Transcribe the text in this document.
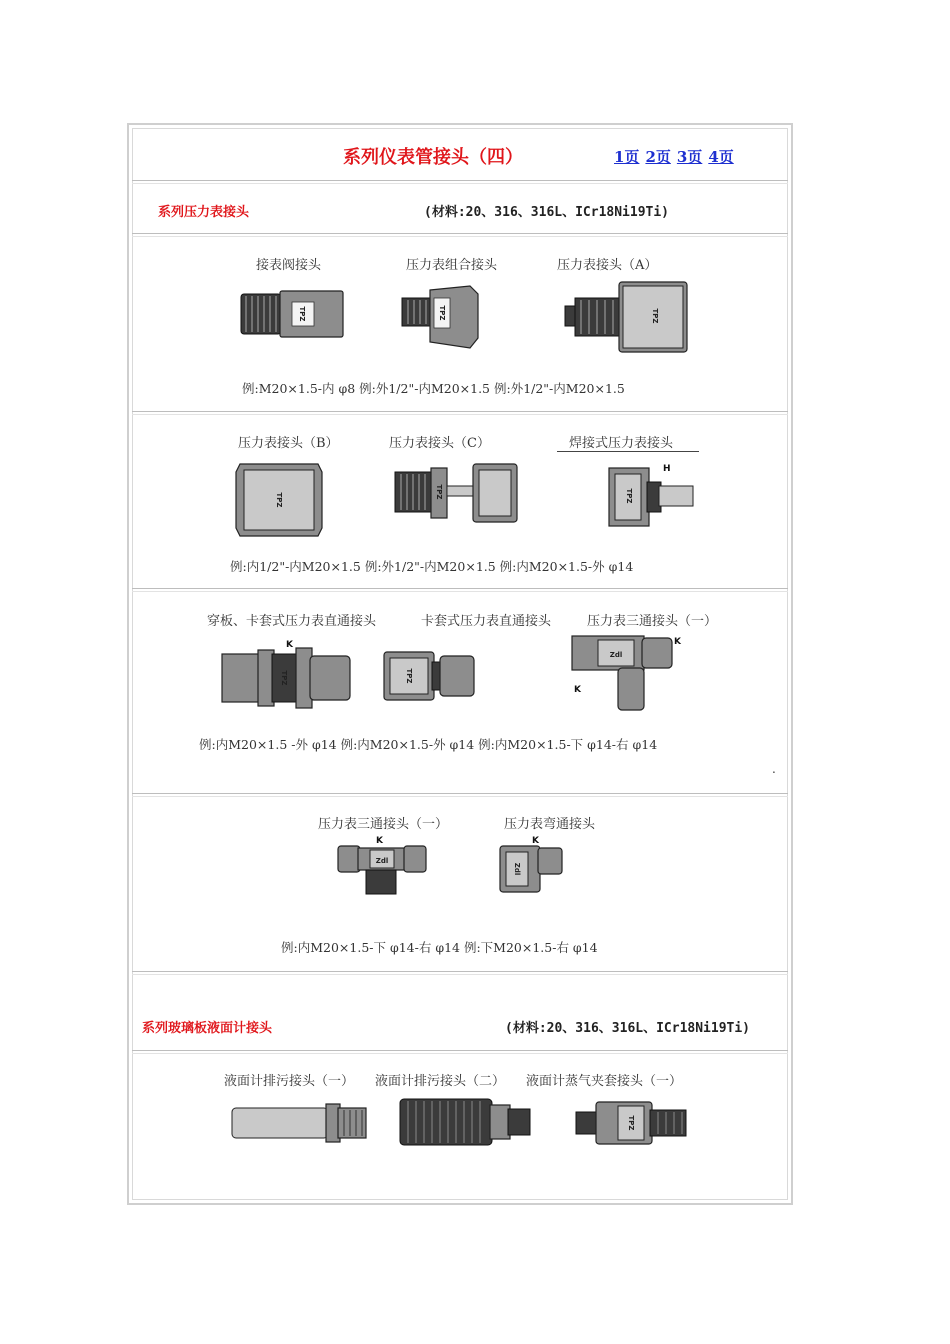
系列仪表管接头（四）	1页 2页 3页 4页
系列压力表接头	(材料:20、316、316L、ICr18Ni19Ti)
接表阀接头	压力表组合接头	压力表接头（A）
TPZ	TPZ	TPZ
例:M20×1.5-内 φ8 例:外1/2"-内M20×1.5 例:外1/2"-内M20×1.5
压力表接头（B）	压力表接头（C）	焊接式压力表接头
TPZ
TPZ
H
TPZ
例:内1/2"-内M20×1.5 例:外1/2"-内M20×1.5 例:内M20×1.5-外 φ14
穿板、卡套式压力表直通接头	卡套式压力表直通接头	压力表三通接头（一）
K
TPZ	TPZ
Zdl
K
K
例:内M20×1.5 -外 φ14 例:内M20×1.5-外 φ14 例:内M20×1.5-下 φ14-右 φ14
.
压力表三通接头（一）	压力表弯通接头
K
Zdl
K
Zdl
例:内M20×1.5-下 φ14-右 φ14 例:下M20×1.5-右 φ14
系列玻璃板液面计接头	(材料:20、316、316L、ICr18Ni19Ti)
液面计排污接头（一） 液面计排污接头（二） 液面计蒸气夹套接头（一）
TPZ
